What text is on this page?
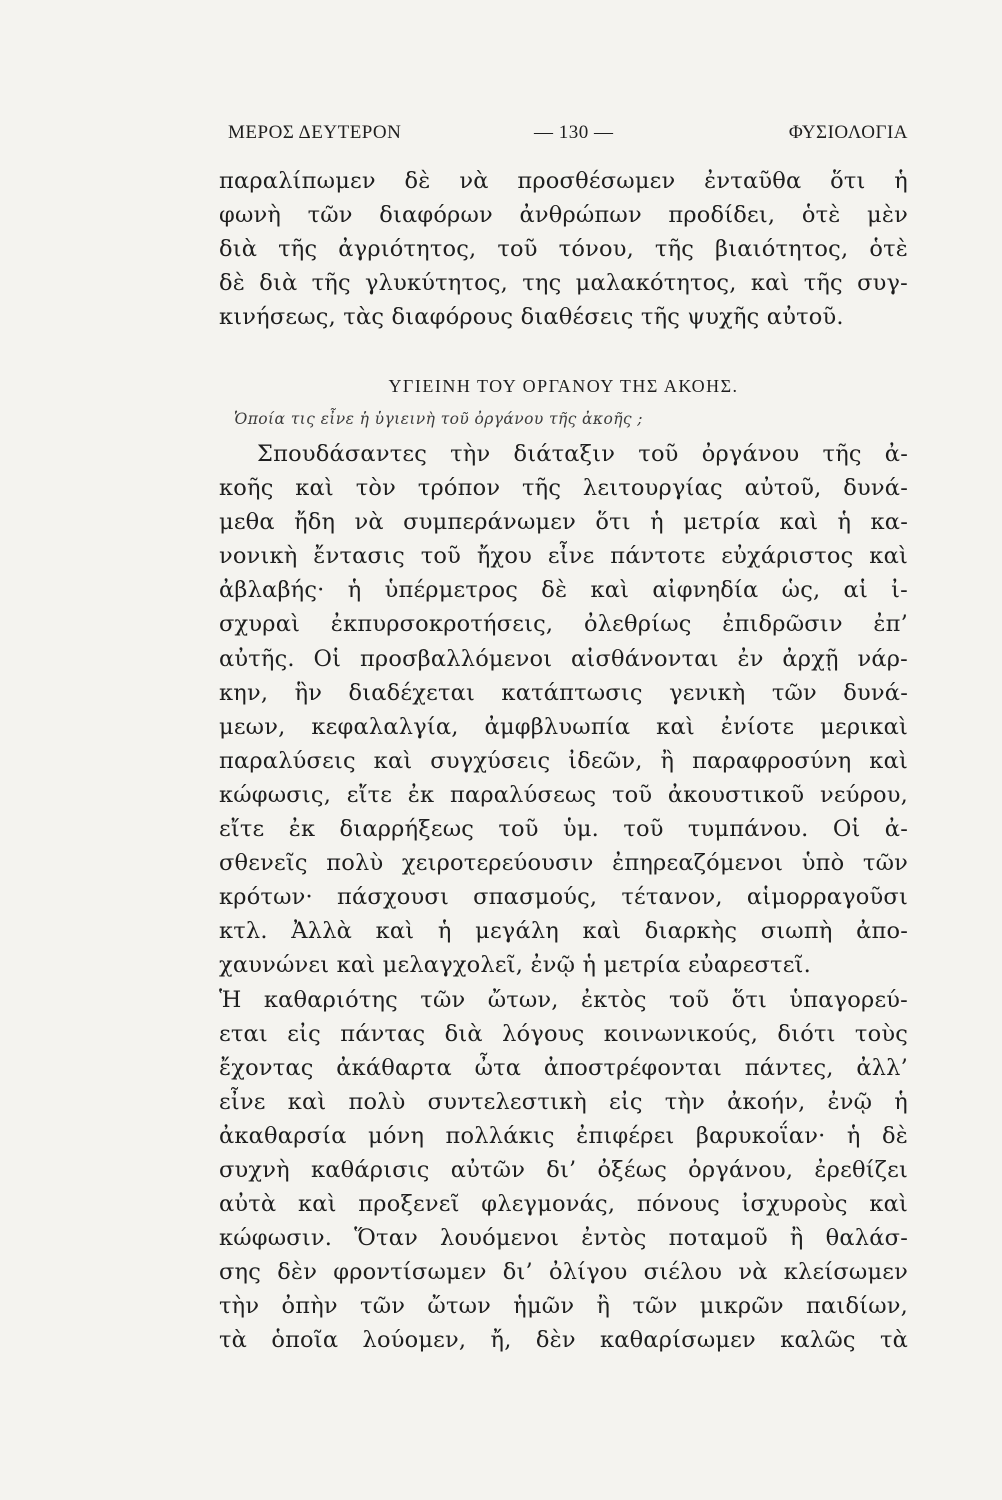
ΜΕΡΟΣ ΔΕΥΤΕΡΟΝ	— 130 —	ΦΥΣΙΟΛΟΓΙΑ
παραλίπωμεν δὲ νὰ προσθέσωμεν ἐνταῦθα ὅτι ἡ
φωνὴ τῶν διαφόρων ἀνθρώπων προδίδει, ὁτὲ μὲν
διὰ τῆς ἀγριότητος, τοῦ τόνου, τῆς βιαιότητος, ὁτὲ
δὲ διὰ τῆς γλυκύτητος, της μαλακότητος, καὶ τῆς συγ-
κινήσεως, τὰς διαφόρους διαθέσεις τῆς ψυχῆς αὐτοῦ.
ΥΓΙΕΙΝΗ ΤΟΥ ΟΡΓΑΝΟΥ ΤΗΣ ΑΚΟΗΣ.
Ὁποία τις εἶνε ἡ ὑγιεινὴ τοῦ ὀργάνου τῆς ἀκοῆς ;
Σπουδάσαντες τὴν διάταξιν τοῦ ὀργάνου τῆς ἀ-
κοῆς καὶ τὸν τρόπον τῆς λειτουργίας αὐτοῦ, δυνά-
μεθα ἤδη νὰ συμπεράνωμεν ὅτι ἡ μετρία καὶ ἡ κα-
νονικὴ ἔντασις τοῦ ἤχου εἶνε πάντοτε εὐχάριστος καὶ
ἀβλαβής· ἡ ὑπέρμετρος δὲ καὶ αἰφνηδία ὡς, αἱ ἰ-
σχυραὶ ἐκπυρσοκροτήσεις, ὀλεθρίως ἐπιδρῶσιν ἐπ’
αὐτῆς. Οἱ προσβαλλόμενοι αἰσθάνονται ἐν ἀρχῇ νάρ-
κην, ἣν διαδέχεται κατάπτωσις γενικὴ τῶν δυνά-
μεων, κεφαλαλγία, ἀμφβλυωπία καὶ ἐνίοτε μερικαὶ
παραλύσεις καὶ συγχύσεις ἰδεῶν, ἢ παραφροσύνη καὶ
κώφωσις, εἴτε ἐκ παραλύσεως τοῦ ἀκουστικοῦ νεύρου,
εἴτε ἐκ διαρρήξεως τοῦ ὑμ. τοῦ τυμπάνου. Οἱ ἀ-
σθενεῖς πολὺ χειροτερεύουσιν ἐπηρεαζόμενοι ὑπὸ τῶν
κρότων· πάσχουσι σπασμούς, τέτανον, αἱμορραγοῦσι
κτλ. Ἀλλὰ καὶ ἡ μεγάλη καὶ διαρκὴς σιωπὴ ἀπο-
χαυνώνει καὶ μελαγχολεῖ, ἐνῷ ἡ μετρία εὐαρεστεῖ.
Ἡ καθαριότης τῶν ὤτων, ἐκτὸς τοῦ ὅτι ὑπαγορεύ-
εται εἰς πάντας διὰ λόγους κοινωνικούς, διότι τοὺς
ἔχοντας ἀκάθαρτα ὦτα ἀποστρέφονται πάντες, ἀλλ’
εἶνε καὶ πολὺ συντελεστικὴ εἰς τὴν ἀκοήν, ἐνῷ ἡ
ἀκαθαρσία μόνη πολλάκις ἐπιφέρει βαρυκοΐαν· ἡ δὲ
συχνὴ καθάρισις αὐτῶν δι’ ὀξέως ὀργάνου, ἐρεθίζει
αὐτὰ καὶ προξενεῖ φλεγμονάς, πόνους ἰσχυροὺς καὶ
κώφωσιν. Ὅταν λουόμενοι ἐντὸς ποταμοῦ ἢ θαλάσ-
σης δὲν φροντίσωμεν δι’ ὀλίγου σιέλου νὰ κλείσωμεν
τὴν ὀπὴν τῶν ὤτων ἡμῶν ἢ τῶν μικρῶν παιδίων,
τὰ ὁποῖα λούομεν, ἤ, δὲν καθαρίσωμεν καλῶς τὰ
